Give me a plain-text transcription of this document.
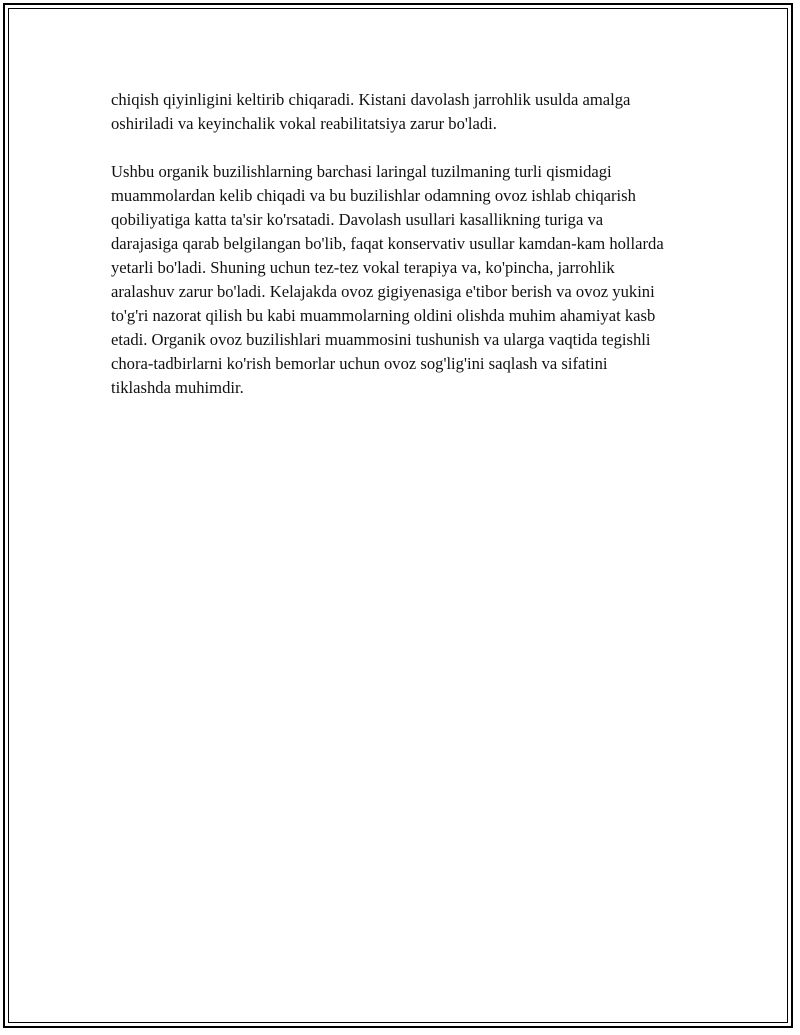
chiqish qiyinligini keltirib chiqaradi. Kistani davolash jarrohlik usulda amalga oshiriladi va keyinchalik vokal reabilitatsiya zarur bo'ladi.

Ushbu organik buzilishlarning barchasi laringal tuzilmaning turli qismidagi muammolardan kelib chiqadi va bu buzilishlar odamning ovoz ishlab chiqarish qobiliyatiga katta ta'sir ko'rsatadi. Davolash usullari kasallikning turiga va darajasiga qarab belgilangan bo'lib, faqat konservativ usullar kamdan-kam hollarda yetarli bo'ladi. Shuning uchun tez-tez vokal terapiya va, ko'pincha, jarrohlik aralashuv zarur bo'ladi. Kelajakda ovoz gigiyenasiga e'tibor berish va ovoz yukini to'g'ri nazorat qilish bu kabi muammolarning oldini olishda muhim ahamiyat kasb etadi. Organik ovoz buzilishlari muammosini tushunish va ularga vaqtida tegishli chora-tadbirlarni ko'rish bemorlar uchun ovoz sog'lig'ini saqlash va sifatini tiklashda muhimdir.
